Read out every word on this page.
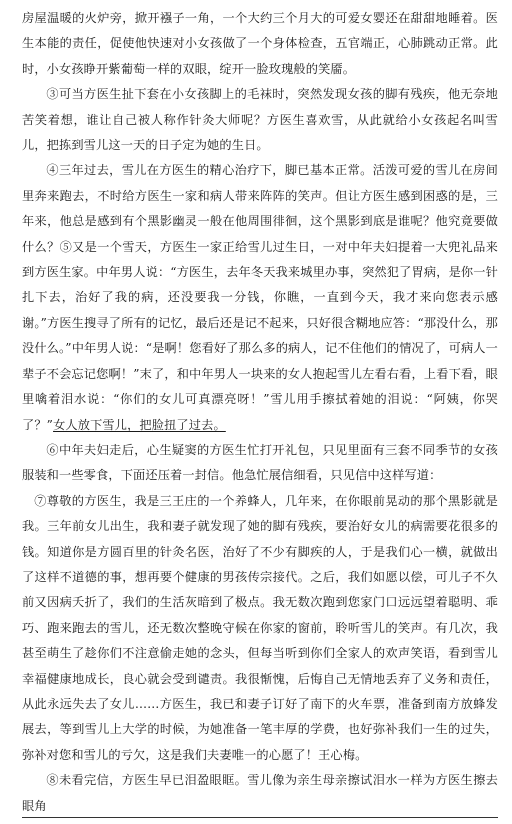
房屋温暖的火炉旁，掀开襁子一角，一个大约三个月大的可爱女婴还在甜甜地睡着。医生本能的责任，促使他快速对小女孩做了一个身体检查，五官端正，心肺跳动正常。此时，小女孩睁开紫葡萄一样的双眼，绽开一脸玫瑰般的笑靥。

③可当方医生扯下套在小女孩脚上的毛袜时，突然发现女孩的脚有残疾，他无奈地苦笑着想，谁让自己被人称作针灸大师呢？方医生喜欢雪，从此就给小女孩起名叫雪儿，把拣到雪儿这一天的日子定为她的生日。

④三年过去，雪儿在方医生的精心治疗下，脚已基本正常。活泼可爱的雪儿在房间里奔来跑去，不时给方医生一家和病人带来阵阵的笑声。但让方医生感到困惑的是，三年来，他总是感到有个黑影幽灵一般在他周围徘徊，这个黑影到底是谁呢？他究竟要做什么？⑤又是一个雪天，方医生一家正给雪儿过生日，一对中年夫妇提着一大兜礼品来到方医生家。中年男人说：“方医生，去年冬天我来城里办事，突然犯了胃病，是你一针扎下去，治好了我的病，还没要我一分钱，你瞧，一直到今天，我才来向您表示感谢。”方医生搜寻了所有的记忆，最后还是记不起来，只好很含糊地应答：“那没什么，那没什么。”中年男人说：“是啊！您看好了那么多的病人，记不住他们的情况了，可病人一辈子不会忘记您啊！”末了，和中年男人一块来的女人抱起雪儿左看右看，上看下看，眼里噙着泪水说：“你们的女儿可真漂亮呀！”雪儿用手擦拭着她的泪说：“阿姨，你哭了？”女人放下雪儿，把脸扭了过去。

⑥中年夫妇走后，心生疑窦的方医生忙打开礼包，只见里面有三套不同季节的女孩服装和一些零食，下面还压着一封信。他急忙展信细看，只见信中这样写道：

⑦尊敬的方医生，我是三王庄的一个养蜂人，几年来，在你眼前晃动的那个黑影就是我。三年前女儿出生，我和妻子就发现了她的脚有残疾，要治好女儿的病需要花很多的钱。知道你是方圆百里的针灸名医，治好了不少有脚疾的人，于是我们心一横，就做出了这样不道德的事，想再要个健康的男孩传宗接代。之后，我们如愿以偿，可儿子不久前又因病夭折了，我们的生活灰暗到了极点。我无数次跑到您家门口远远望着聪明、乖巧、跑来跑去的雪儿，还无数次整晚守候在你家的窗前，聆听雪儿的笑声。有几次，我甚至萌生了趁你们不注意偷走她的念头，但每当听到你们全家人的欢声笑语，看到雪儿幸福健康地成长，良心就会受到谴责。我很惭愧，后悔自己无情地丢弃了义务和责任，从此永远失去了女儿……方医生，我已和妻子订好了南下的火车票，准备到南方放蜂发展去，等到雪儿上大学的时候，为她准备一笔丰厚的学费，也好弥补我们一生的过失，弥补对您和雪儿的亏欠，这是我们夫妻唯一的心愿了！王心梅。

⑧未看完信，方医生早已泪盈眼眶。雪儿像为亲生母亲擦试泪水一样为方医生擦去眼角
